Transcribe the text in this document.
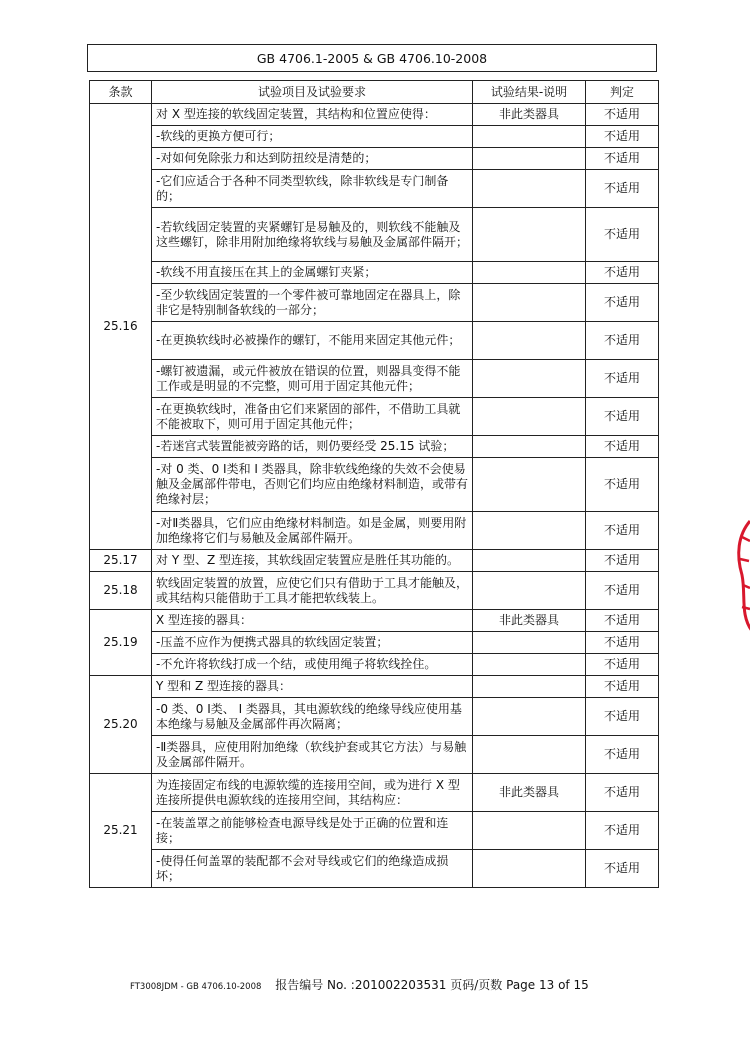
GB 4706.1-2005 & GB 4706.10-2008
条款	试验项目及试验要求	试验结果-说明	判定
25.16	对 X 型连接的软线固定装置，其结构和位置应使得：	非此类器具	不适用
	-软线的更换方便可行；		不适用
	-对如何免除张力和达到防扭绞是清楚的；		不适用
	-它们应适合于各种不同类型软线，除非软线是专门制备的；		不适用
	-若软线固定装置的夹紧螺钉是易触及的，则软线不能触及这些螺钉，除非用附加绝缘将软线与易触及金属部件隔开；		不适用
	-软线不用直接压在其上的金属螺钉夹紧；		不适用
	-至少软线固定装置的一个零件被可靠地固定在器具上，除非它是特别制备软线的一部分；		不适用
	-在更换软线时必被操作的螺钉，不能用来固定其他元件；		不适用
	-螺钉被遗漏，或元件被放在错误的位置，则器具变得不能工作或是明显的不完整，则可用于固定其他元件；		不适用
	-在更换软线时，准备由它们来紧固的部件，不借助工具就不能被取下，则可用于固定其他元件；		不适用
	-若迷宫式装置能被旁路的话，则仍要经受 25.15 试验；		不适用
	-对 0 类、0 Ⅰ类和 Ⅰ 类器具，除非软线绝缘的失效不会使易触及金属部件带电，否则它们均应由绝缘材料制造，或带有绝缘衬层；		不适用
	-对Ⅱ类器具，它们应由绝缘材料制造。如是金属，则要用附加绝缘将它们与易触及金属部件隔开。		不适用
25.17	对 Y 型、Z 型连接，其软线固定装置应是胜任其功能的。		不适用
25.18	软线固定装置的放置，应使它们只有借助于工具才能触及，或其结构只能借助于工具才能把软线装上。		不适用
25.19	X 型连接的器具：	非此类器具	不适用
	-压盖不应作为便携式器具的软线固定装置；		不适用
	-不允许将软线打成一个结，或使用绳子将软线拴住。		不适用
25.20	Y 型和 Z 型连接的器具：		不适用
	-0 类、0 Ⅰ类、 Ⅰ 类器具，其电源软线的绝缘导线应使用基本绝缘与易触及金属部件再次隔离；		不适用
	-Ⅱ类器具，应使用附加绝缘（软线护套或其它方法）与易触及金属部件隔开。		不适用
25.21	为连接固定布线的电源软缆的连接用空间，或为进行 X 型连接所提供电源软线的连接用空间，其结构应：	非此类器具	不适用
	-在装盖罩之前能够检查电源导线是处于正确的位置和连接；		不适用
	-使得任何盖罩的装配都不会对导线或它们的绝缘造成损坏；		不适用
FT3008JDM - GB 4706.10-2008 报告编号 No. :201002203531 页码/页数 Page 13 of 15
